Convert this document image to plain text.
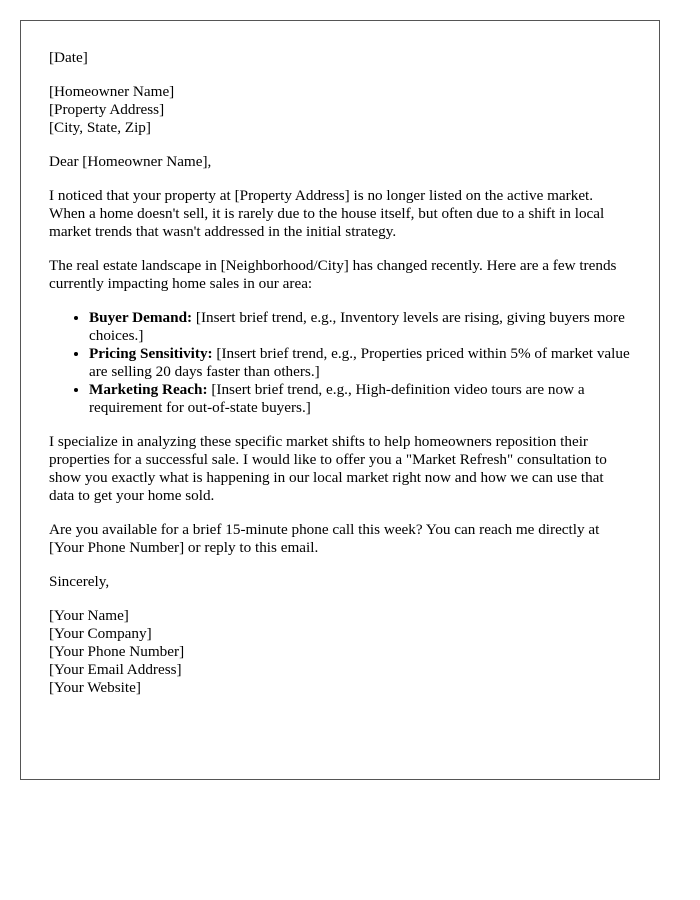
[Date]
[Homeowner Name]
[Property Address]
[City, State, Zip]

Dear [Homeowner Name],

I noticed that your property at [Property Address] is no longer listed on the active market. When a home doesn't sell, it is rarely due to the house itself, but often due to a shift in local market trends that wasn't addressed in the initial strategy.

The real estate landscape in [Neighborhood/City] has changed recently. Here are a few trends currently impacting home sales in our area:

• Buyer Demand: [Insert brief trend, e.g., Inventory levels are rising, giving buyers more choices.]
• Pricing Sensitivity: [Insert brief trend, e.g., Properties priced within 5% of market value are selling 20 days faster than others.]
• Marketing Reach: [Insert brief trend, e.g., High-definition video tours are now a requirement for out-of-state buyers.]

I specialize in analyzing these specific market shifts to help homeowners reposition their properties for a successful sale. I would like to offer you a "Market Refresh" consultation to show you exactly what is happening in our local market right now and how we can use that data to get your home sold.

Are you available for a brief 15-minute phone call this week? You can reach me directly at [Your Phone Number] or reply to this email.

Sincerely,

[Your Name]
[Your Company]
[Your Phone Number]
[Your Email Address]
[Your Website]
